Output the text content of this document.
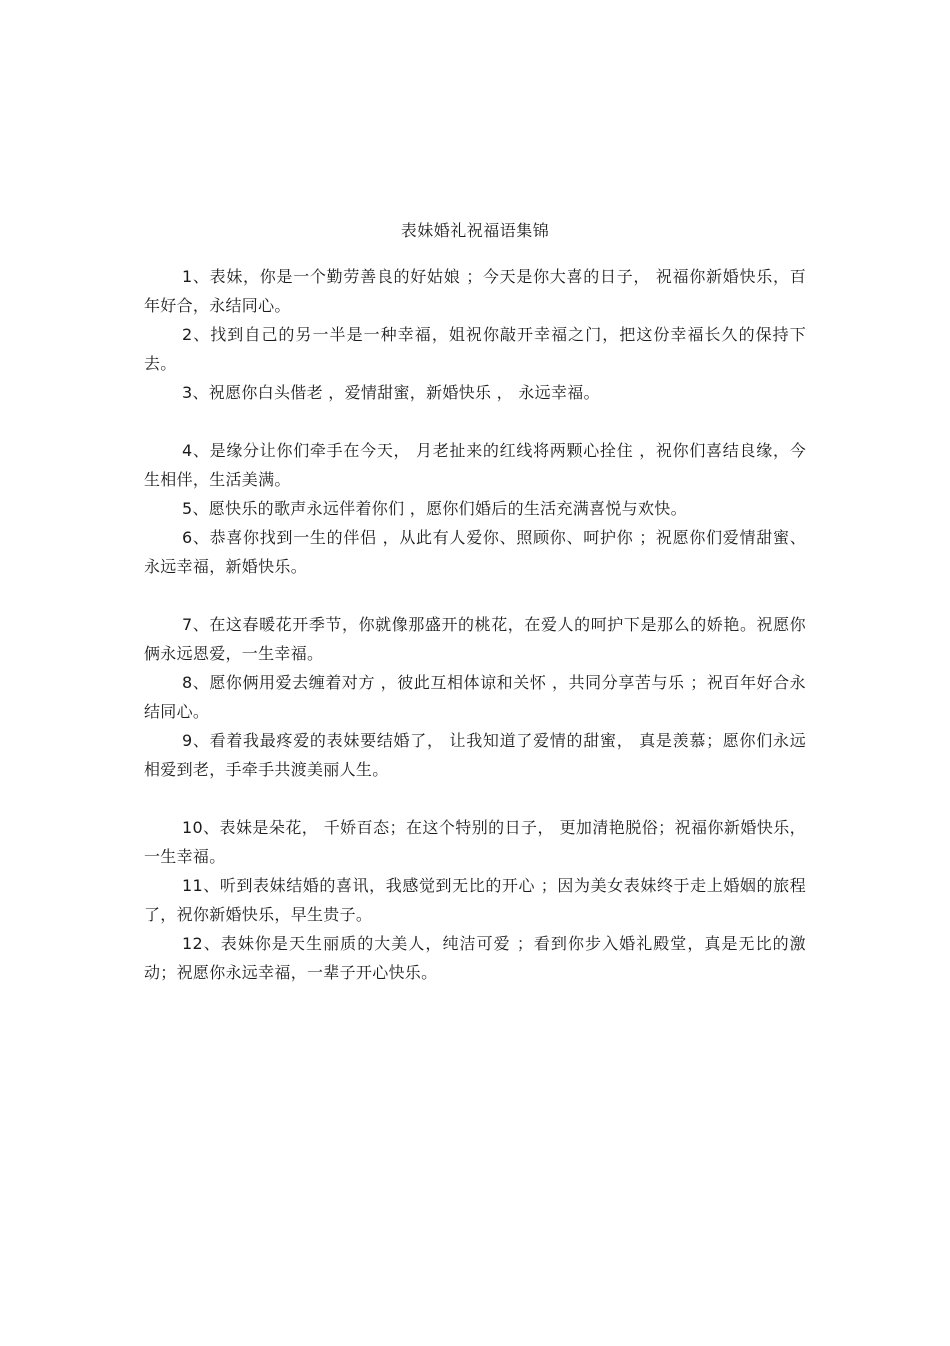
表妹婚礼祝福语集锦

1、表妹，你是一个勤劳善良的好姑娘 ；今天是你大喜的日子， 祝福你新婚快乐，百年好合，永结同心。

2、找到自己的另一半是一种幸福，姐祝你敲开幸福之门，把这份幸福长久的保持下去。

3、祝愿你白头偕老 ，爱情甜蜜，新婚快乐 ， 永远幸福。

4、是缘分让你们牵手在今天， 月老扯来的红线将两颗心拴住 ，祝你们喜结良缘，今生相伴，生活美满。

5、愿快乐的歌声永远伴着你们 ，愿你们婚后的生活充满喜悦与欢快。

6、恭喜你找到一生的伴侣 ，从此有人爱你、照顾你、呵护你 ；祝愿你们爱情甜蜜、永远幸福，新婚快乐。

7、在这春暖花开季节，你就像那盛开的桃花，在爱人的呵护下是那么的娇艳。祝愿你俩永远恩爱，一生幸福。

8、愿你俩用爱去缠着对方 ，彼此互相体谅和关怀 ，共同分享苦与乐 ；祝百年好合永结同心。

9、看着我最疼爱的表妹要结婚了， 让我知道了爱情的甜蜜， 真是羡慕；愿你们永远相爱到老，手牵手共渡美丽人生。

10、表妹是朵花， 千娇百态；在这个特别的日子， 更加清艳脱俗；祝福你新婚快乐，一生幸福。

11、听到表妹结婚的喜讯，我感觉到无比的开心 ；因为美女表妹终于走上婚姻的旅程了，祝你新婚快乐，早生贵子。

12、表妹你是天生丽质的大美人，纯洁可爱 ；看到你步入婚礼殿堂，真是无比的激动；祝愿你永远幸福，一辈子开心快乐。
